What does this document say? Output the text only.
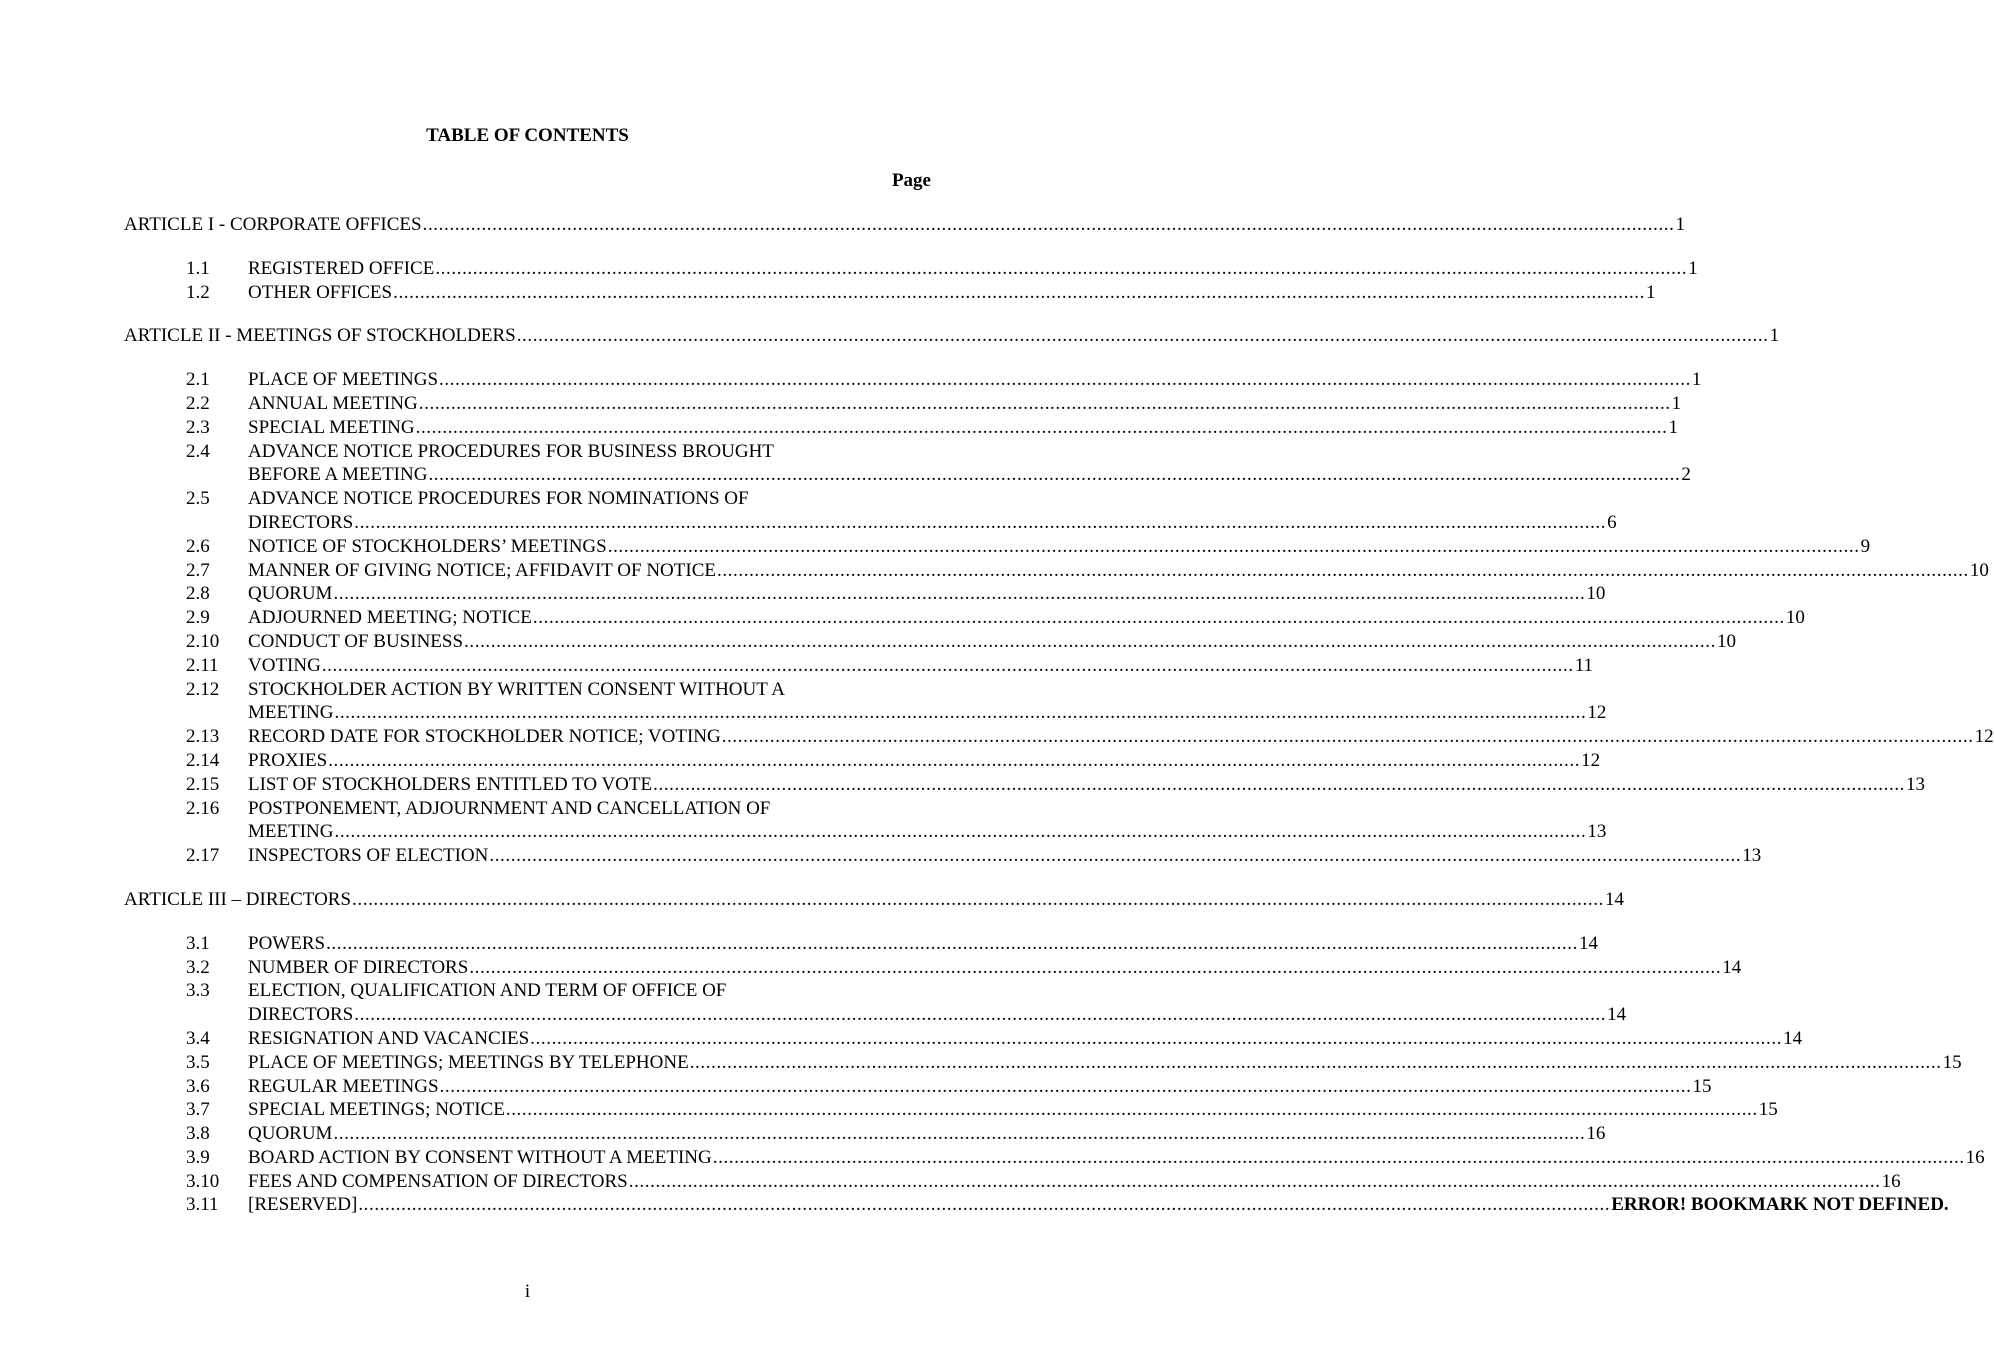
TABLE OF CONTENTS
Page
ARTICLE I - CORPORATE OFFICES .......................................................................................................................................................................................................................................... 1
1.1 REGISTERED OFFICE .......................................................................................................................................................................................................................................... 1
1.2 OTHER OFFICES .......................................................................................................................................................................................................................................... 1
ARTICLE II - MEETINGS OF STOCKHOLDERS .......................................................................................................................................................................................................................................... 1
2.1 PLACE OF MEETINGS .......................................................................................................................................................................................................................................... 1
2.2 ANNUAL MEETING .......................................................................................................................................................................................................................................... 1
2.3 SPECIAL MEETING .......................................................................................................................................................................................................................................... 1
2.4 ADVANCE NOTICE PROCEDURES FOR BUSINESS BROUGHT
BEFORE A MEETING .......................................................................................................................................................................................................................................... 2
2.5 ADVANCE NOTICE PROCEDURES FOR NOMINATIONS OF
DIRECTORS .......................................................................................................................................................................................................................................... 6
2.6 NOTICE OF STOCKHOLDERS’ MEETINGS .......................................................................................................................................................................................................................................... 9
2.7 MANNER OF GIVING NOTICE; AFFIDAVIT OF NOTICE .......................................................................................................................................................................................................................................... 10
2.8 QUORUM .......................................................................................................................................................................................................................................... 10
2.9 ADJOURNED MEETING; NOTICE .......................................................................................................................................................................................................................................... 10
2.10 CONDUCT OF BUSINESS .......................................................................................................................................................................................................................................... 10
2.11 VOTING .......................................................................................................................................................................................................................................... 11
2.12 STOCKHOLDER ACTION BY WRITTEN CONSENT WITHOUT A
MEETING .......................................................................................................................................................................................................................................... 12
2.13 RECORD DATE FOR STOCKHOLDER NOTICE; VOTING .......................................................................................................................................................................................................................................... 12
2.14 PROXIES .......................................................................................................................................................................................................................................... 12
2.15 LIST OF STOCKHOLDERS ENTITLED TO VOTE .......................................................................................................................................................................................................................................... 13
2.16 POSTPONEMENT, ADJOURNMENT AND CANCELLATION OF
MEETING .......................................................................................................................................................................................................................................... 13
2.17 INSPECTORS OF ELECTION .......................................................................................................................................................................................................................................... 13
ARTICLE III – DIRECTORS .......................................................................................................................................................................................................................................... 14
3.1 POWERS .......................................................................................................................................................................................................................................... 14
3.2 NUMBER OF DIRECTORS .......................................................................................................................................................................................................................................... 14
3.3 ELECTION, QUALIFICATION AND TERM OF OFFICE OF
DIRECTORS .......................................................................................................................................................................................................................................... 14
3.4 RESIGNATION AND VACANCIES .......................................................................................................................................................................................................................................... 14
3.5 PLACE OF MEETINGS; MEETINGS BY TELEPHONE .......................................................................................................................................................................................................................................... 15
3.6 REGULAR MEETINGS .......................................................................................................................................................................................................................................... 15
3.7 SPECIAL MEETINGS; NOTICE .......................................................................................................................................................................................................................................... 15
3.8 QUORUM .......................................................................................................................................................................................................................................... 16
3.9 BOARD ACTION BY CONSENT WITHOUT A MEETING .......................................................................................................................................................................................................................................... 16
3.10 FEES AND COMPENSATION OF DIRECTORS .......................................................................................................................................................................................................................................... 16
3.11 [RESERVED] .......................................................................................................................................................................................................................................... ERROR! BOOKMARK NOT DEFINED.
i
